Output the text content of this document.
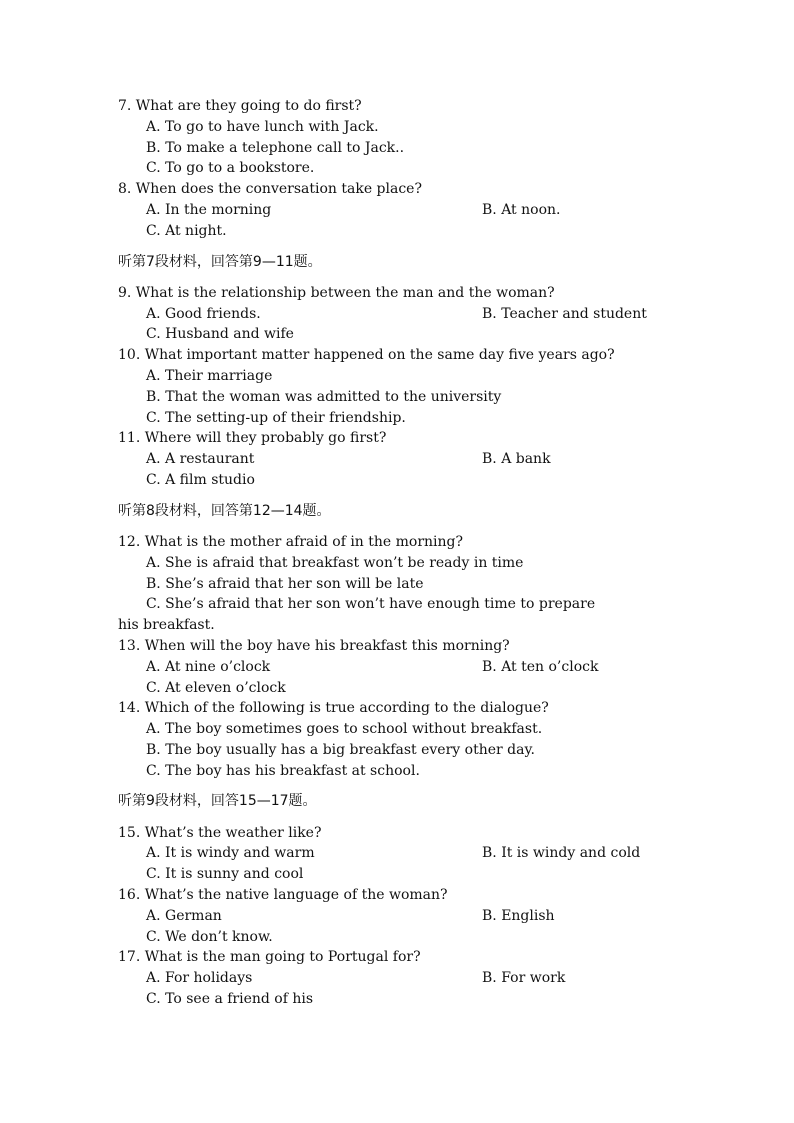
7. What are they going to do first?
A. To go to have lunch with Jack.
B. To make a telephone call to Jack..
C. To go to a bookstore.
8. When does the conversation take place?
A. In the morning	B. At noon.
C. At night.
听第7段材料，回答第9—11题。
9. What is the relationship between the man and the woman?
A. Good friends.	B. Teacher and student
C. Husband and wife
10. What important matter happened on the same day five years ago?
A. Their marriage
B. That the woman was admitted to the university
C. The setting-up of their friendship.
11. Where will they probably go first?
A. A restaurant	B. A bank
C. A film studio
听第8段材料，回答第12—14题。
12. What is the mother afraid of in the morning?
A. She is afraid that breakfast won’t be ready in time
B. She’s afraid that her son will be late
C. She’s afraid that her son won’t have enough time to prepare
his breakfast.
13. When will the boy have his breakfast this morning?
A. At nine o’clock	B. At ten o’clock
C. At eleven o’clock
14. Which of the following is true according to the dialogue?
A. The boy sometimes goes to school without breakfast.
B. The boy usually has a big breakfast every other day.
C. The boy has his breakfast at school.
听第9段材料，回答15—17题。
15. What’s the weather like?
A. It is windy and warm	B. It is windy and cold
C. It is sunny and cool
16. What’s the native language of the woman?
A. German	B. English
C. We don’t know.
17. What is the man going to Portugal for?
A. For holidays	B. For work
C. To see a friend of his
